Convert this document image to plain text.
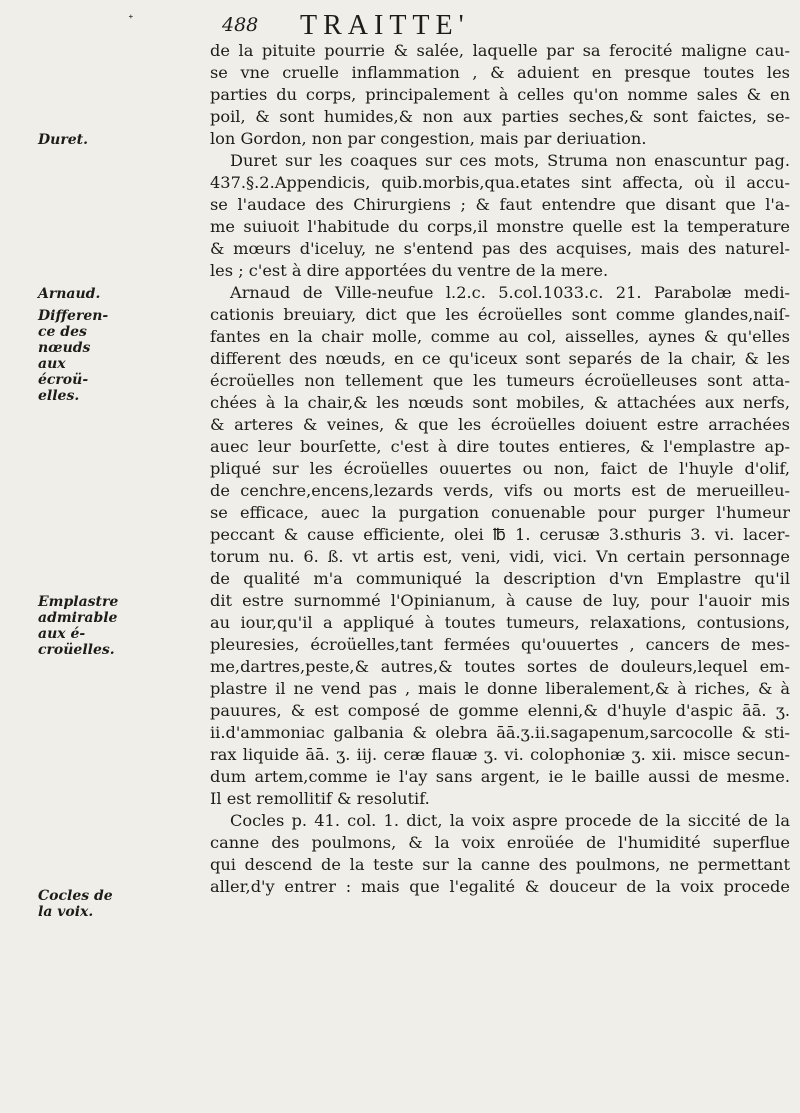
ᐩ	488 TRAITTE'
Duret.
Arnaud.
Differen-ce des nœuds aux écroü-elles.
Emplastre admirable aux é-croüelles.
Cocles de la voix.
de la pituite pourrie & salée, laquelle par sa ferocité maligne cau-
se vne cruelle inflammation , & aduient en presque toutes les
parties du corps, principalement à celles qu'on nomme sales & en
poil, & sont humides,& non aux parties seches,& sont faictes, se-
lon Gordon, non par congestion, mais par deriuation.
Duret sur les coaques sur ces mots, Struma non enascuntur pag.
437.§.2.Appendicis, quib.morbis,qua.etates sint affecta, où il accu-
se l'audace des Chirurgiens ; & faut entendre que disant que l'a-
me suiuoit l'habitude du corps,il monstre quelle est la temperature
& mœurs d'iceluy, ne s'entend pas des acquises, mais des naturel-
les ; c'est à dire apportées du ventre de la mere.
Arnaud de Ville-neufue l.2.c. 5.col.1033.c. 21. Parabolæ medi-
cationis breuiary, dict que les écroüelles sont comme glandes,naiſ-
fantes en la chair molle, comme au col, aisselles, aynes & qu'elles
different des nœuds, en ce qu'iceux sont separés de la chair, & les
écroüelles non tellement que les tumeurs écroüelleuses sont atta-
chées à la chair,& les nœuds sont mobiles, & attachées aux nerfs,
& arteres & veines, & que les écroüelles doiuent estre arrachées
auec leur bourſette, c'est à dire toutes entieres, & l'emplastre ap-
pliqué sur les écroüelles ouuertes ou non, faict de l'huyle d'olif,
de cenchre,encens,lezards verds, vifs ou morts est de merueilleu-
se efficace, auec la purgation conuenable pour purger l'humeur
peccant & cause efficiente, olei ℔ 1. cerusæ 3.sthuris 3. vi. lacer-
torum nu. 6. ß. vt artis est, veni, vidi, vici. Vn certain personnage
de qualité m'a communiqué la description d'vn Emplastre qu'il
dit estre surnommé l'Opinianum, à cause de luy, pour l'auoir mis
au iour,qu'il a appliqué à toutes tumeurs, relaxations, contusions,
pleuresies, écroüelles,tant fermées qu'ouuertes , cancers de mes-
me,dartres,peste,& autres,& toutes sortes de douleurs,lequel em-
plastre il ne vend pas , mais le donne liberalement,& à riches, & à
pauures, & est composé de gomme elenni,& d'huyle d'aspic āā. ʒ.
ii.d'ammoniac galbania & olebra āā.ʒ.ii.sagapenum,sarcocolle & sti-
rax liquide āā. ʒ. iij. ceræ flauæ ʒ. vi. colophoniæ ʒ. xii. misce secun-
dum artem,comme ie l'ay sans argent, ie le baille aussi de mesme.
Il est remollitif & resolutif.
Cocles p. 41. col. 1. dict, la voix aspre procede de la siccité de la
canne des poulmons, & la voix enroüée de l'humidité superflue
qui descend de la teste sur la canne des poulmons, ne permettant
aller,d'y entrer : mais que l'egalité & douceur de la voix procede
